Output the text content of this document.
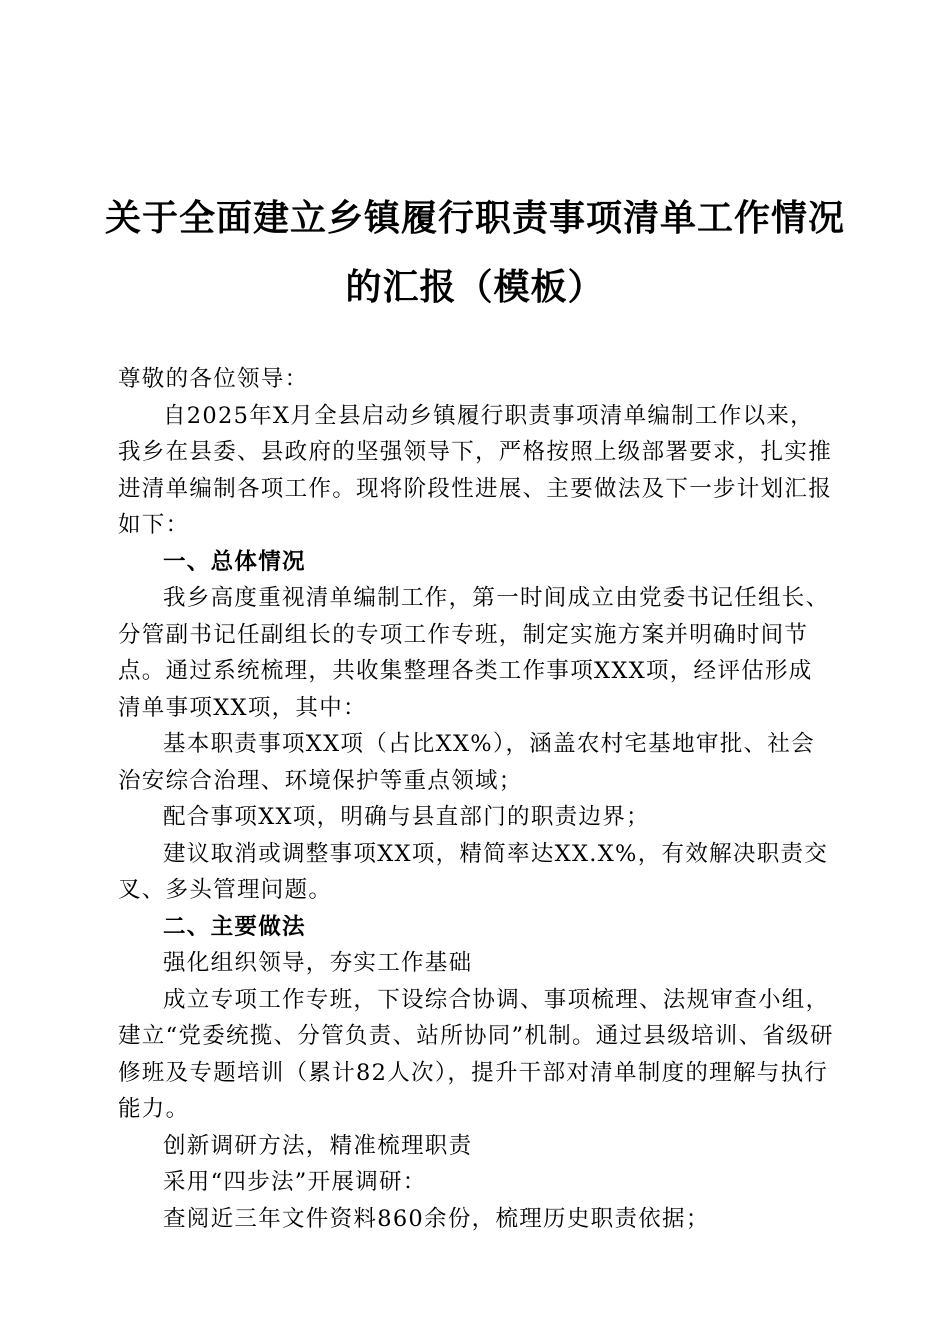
关于全面建立乡镇履行职责事项清单工作情况
的汇报（模板）

尊敬的各位领导：

自2025年X月全县启动乡镇履行职责事项清单编制工作以来，我乡在县委、县政府的坚强领导下，严格按照上级部署要求，扎实推进清单编制各项工作。现将阶段性进展、主要做法及下一步计划汇报如下：

一、总体情况

我乡高度重视清单编制工作，第一时间成立由党委书记任组长、分管副书记任副组长的专项工作专班，制定实施方案并明确时间节点。通过系统梳理，共收集整理各类工作事项XXX项，经评估形成清单事项XX项，其中：

基本职责事项XX项（占比XX%），涵盖农村宅基地审批、社会治安综合治理、环境保护等重点领域；

配合事项XX项，明确与县直部门的职责边界；

建议取消或调整事项XX项，精简率达XX.X%，有效解决职责交叉、多头管理问题。

二、主要做法

强化组织领导，夯实工作基础

成立专项工作专班，下设综合协调、事项梳理、法规审查小组，建立“党委统揽、分管负责、站所协同”机制。通过县级培训、省级研修班及专题培训（累计82人次），提升干部对清单制度的理解与执行能力。

创新调研方法，精准梳理职责

采用“四步法”开展调研：

查阅近三年文件资料860余份，梳理历史职责依据；
